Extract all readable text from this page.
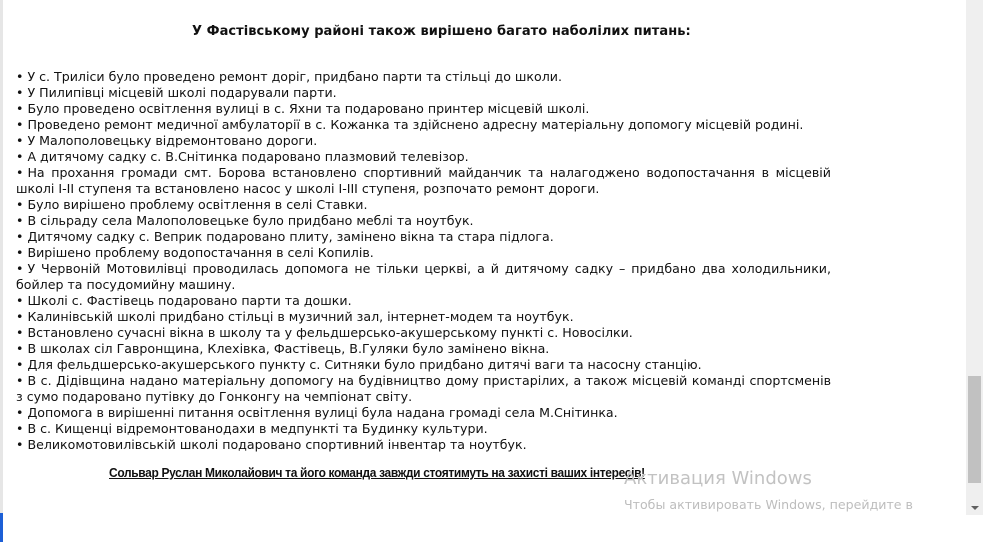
У Фастівському районі також вирішено багато наболілих питань:

• У с. Триліси було проведено ремонт доріг, придбано парти та стільці до школи.

• У Пилипівці місцевій школі подарували парти.

• Було проведено освітлення вулиці в с. Яхни та подаровано принтер місцевій школі.

• Проведено ремонт медичної амбулаторії в с. Кожанка та здійснено адресну матеріальну допомогу місцевій родині.

• У Малополовецьку відремонтовано дороги.

• А дитячому садку с. В.Снітинка подаровано плазмовий телевізор.

• На прохання громади смт. Борова встановлено спортивний майданчик та налагоджено водопостачання в місцевій школі I-II ступеня та встановлено насос у школі I-III ступеня, розпочато ремонт дороги.

• Було вирішено проблему освітлення в селі Ставки.

• В сільраду села Малополовецьке було придбано меблі та ноутбук.

• Дитячому садку с. Веприк подаровано плиту, замінено вікна та стара підлога.

• Вирішено проблему водопостачання в селі Копилів.

• У Червоній Мотовилівці проводилась допомога не тільки церкві, а й дитячому садку – придбано два холодильники, бойлер та посудомийну машину.

• Школі с. Фастівець подаровано парти та дошки.

• Калинівській школі придбано стільці в музичний зал, інтернет-модем та ноутбук.

• Встановлено сучасні вікна в школу та у фельдшерсько-акушерському пункті с. Новосілки.

• В школах сіл Гавронщина, Клехівка, Фастівець, В.Гуляки було замінено вікна.

• Для фельдшерсько-акушерського пункту с. Ситняки було придбано дитячі ваги та насосну станцію.

• В с. Дідівщина надано матеріальну допомогу на будівництво дому пристарілих, а також місцевій команді спортсменів з сумо подаровано путівку до Гонконгу на чемпіонат світу.

• Допомога в вирішенні питання освітлення вулиці була надана громаді села М.Снітинка.

• В с. Кищенці відремонтованодахи в медпункті та Будинку культури.

• Великомотовилівській школі подаровано спортивний інвентар та ноутбук.

Сольвар Руслан Миколайович та його команда завжди стоятимуть на захисті ваших інтересів!
Активация Windows
Чтобы активировать Windows, перейдите в
